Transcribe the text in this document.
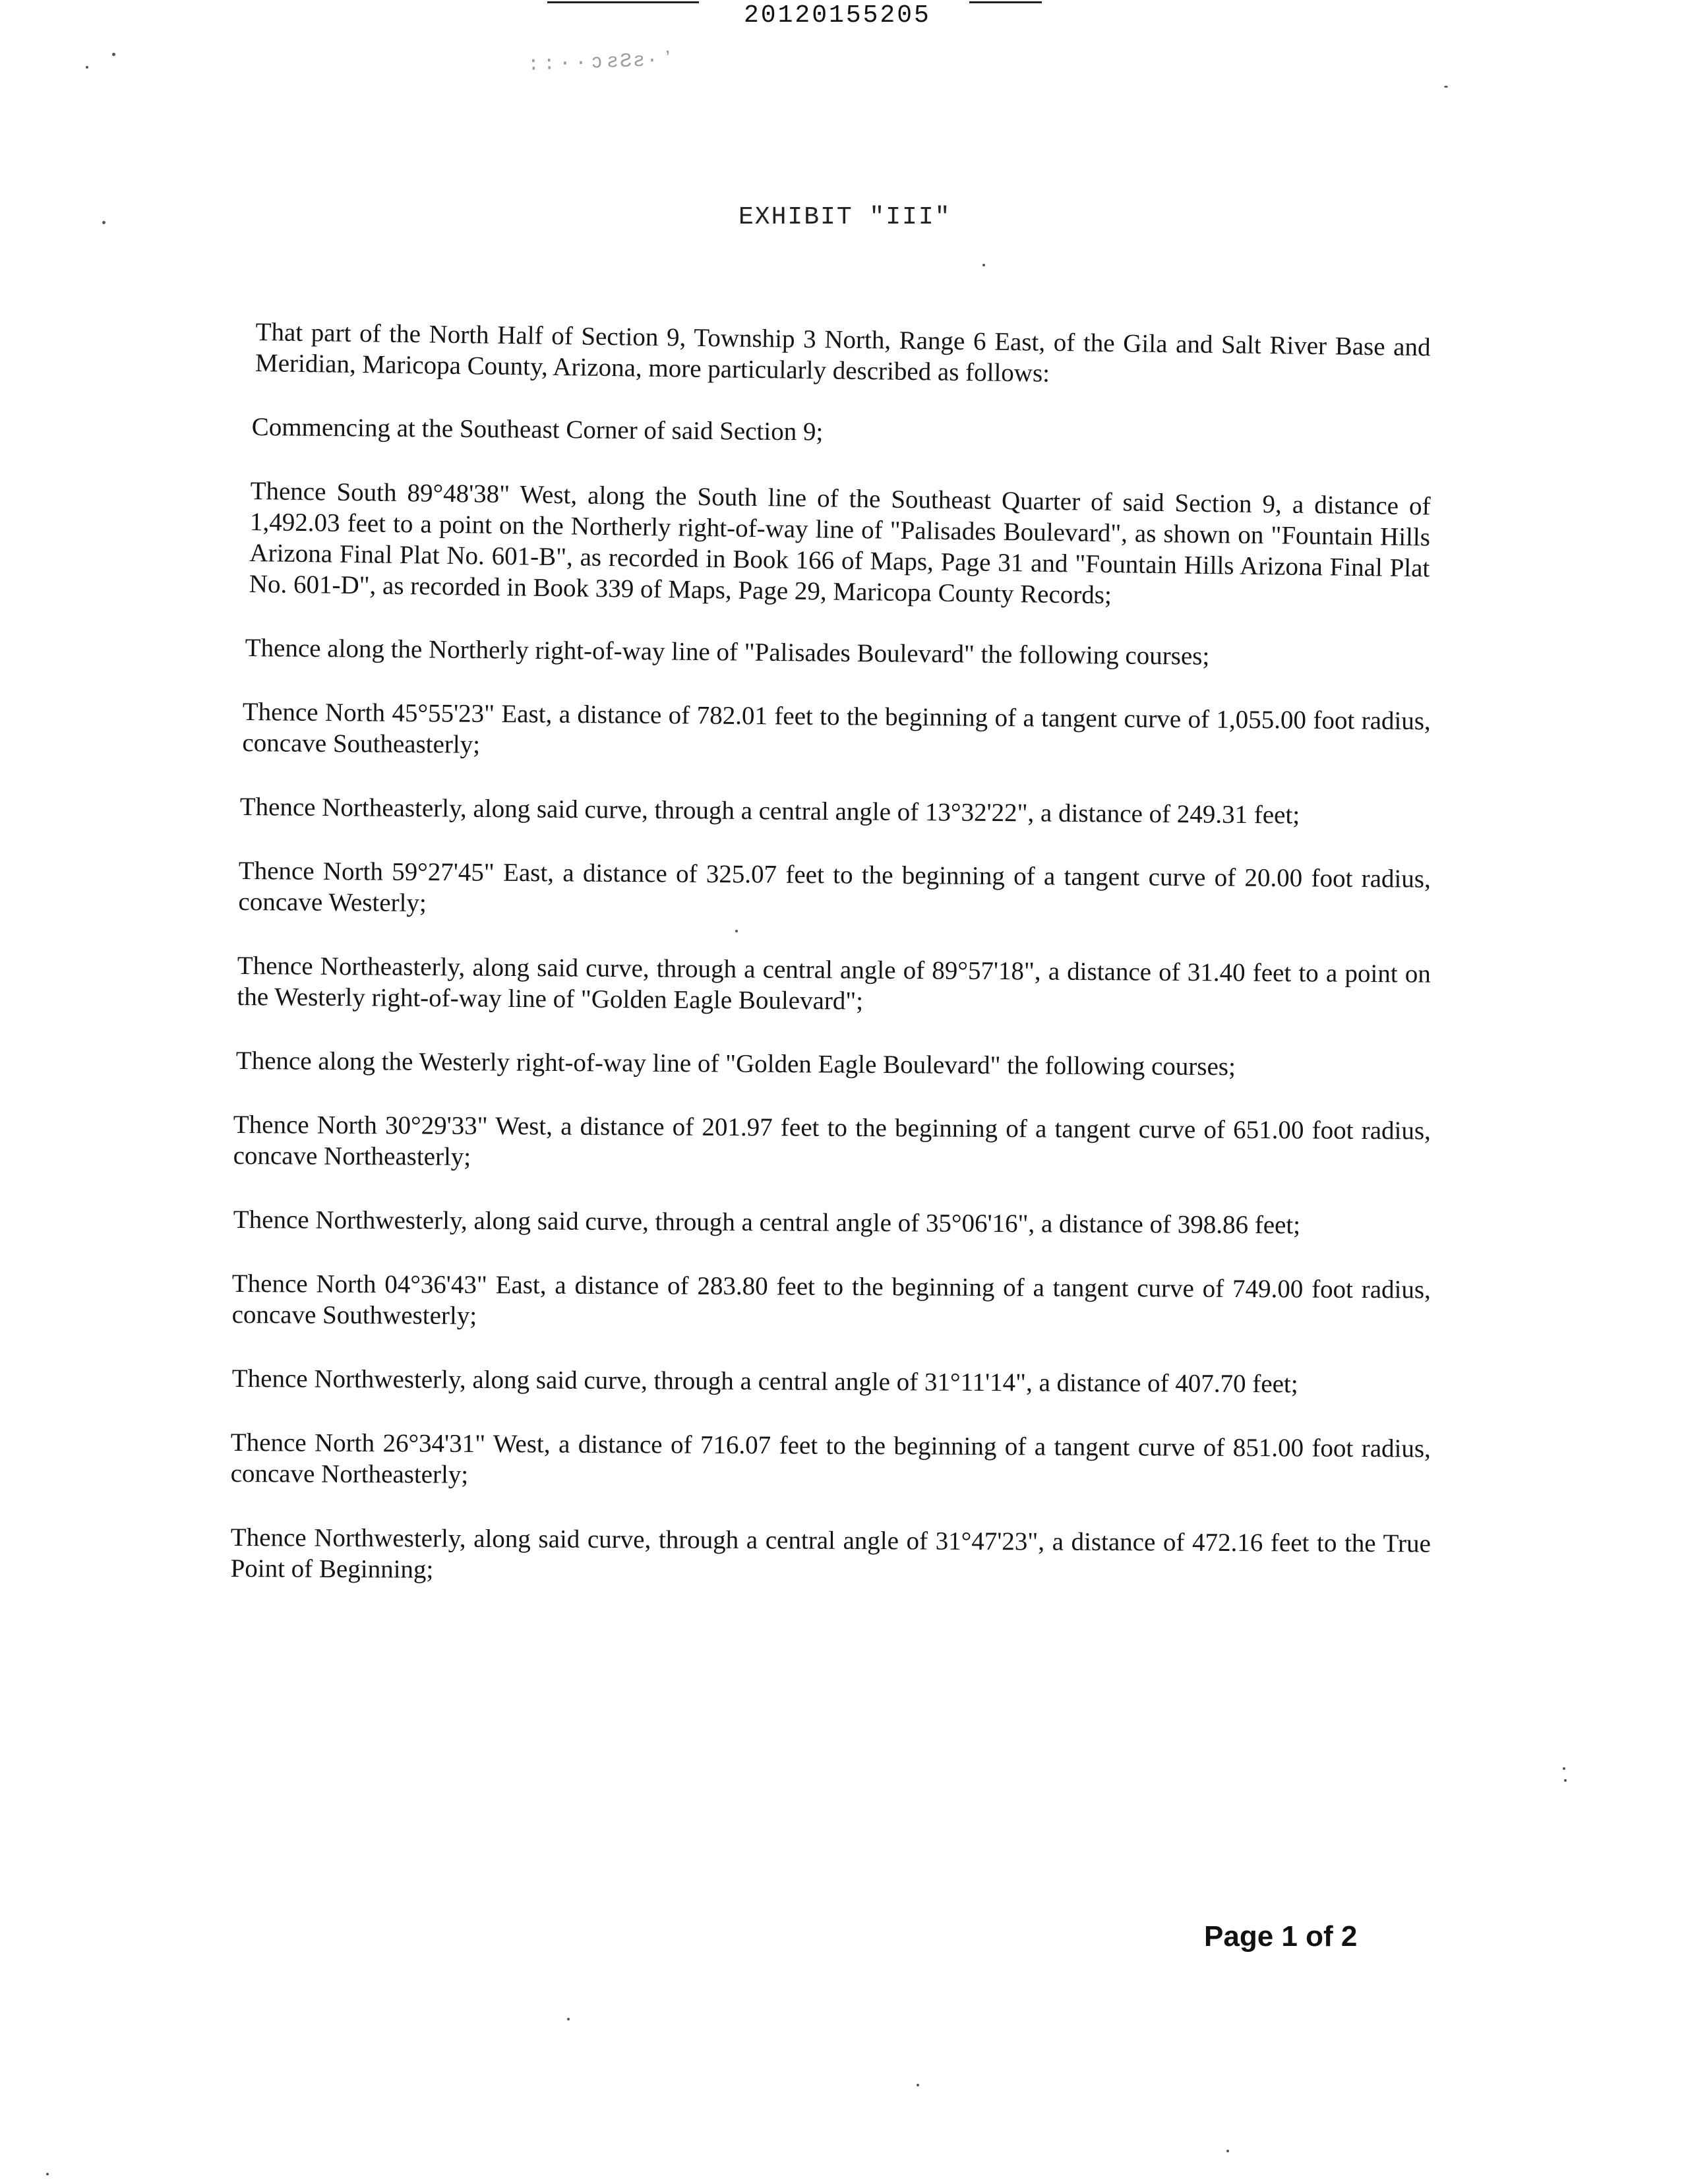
20120155205
::··ↄƨƧƨ·ʼ
EXHIBIT "III"

That part of the North Half of Section 9, Township 3 North, Range 6 East, of the Gila and Salt River Base and Meridian, Maricopa County, Arizona, more particularly described as follows:

Commencing at the Southeast Corner of said Section 9;

Thence South 89°48'38" West, along the South line of the Southeast Quarter of said Section 9, a distance of 1,492.03 feet to a point on the Northerly right-of-way line of "Palisades Boulevard", as shown on "Fountain Hills Arizona Final Plat No. 601-B", as recorded in Book 166 of Maps, Page 31 and "Fountain Hills Arizona Final Plat No. 601-D", as recorded in Book 339 of Maps, Page 29, Maricopa County Records;

Thence along the Northerly right-of-way line of "Palisades Boulevard" the following courses;

Thence North 45°55'23" East, a distance of 782.01 feet to the beginning of a tangent curve of 1,055.00 foot radius, concave Southeasterly;

Thence Northeasterly, along said curve, through a central angle of 13°32'22", a distance of 249.31 feet;

Thence North 59°27'45" East, a distance of 325.07 feet to the beginning of a tangent curve of 20.00 foot radius, concave Westerly;

Thence Northeasterly, along said curve, through a central angle of 89°57'18", a distance of 31.40 feet to a point on the Westerly right-of-way line of "Golden Eagle Boulevard";

Thence along the Westerly right-of-way line of "Golden Eagle Boulevard" the following courses;

Thence North 30°29'33" West, a distance of 201.97 feet to the beginning of a tangent curve of 651.00 foot radius, concave Northeasterly;

Thence Northwesterly, along said curve, through a central angle of 35°06'16", a distance of 398.86 feet;

Thence North 04°36'43" East, a distance of 283.80 feet to the beginning of a tangent curve of 749.00 foot radius, concave Southwesterly;

Thence Northwesterly, along said curve, through a central angle of 31°11'14", a distance of 407.70 feet;

Thence North 26°34'31" West, a distance of 716.07 feet to the beginning of a tangent curve of 851.00 foot radius, concave Northeasterly;

Thence Northwesterly, along said curve, through a central angle of 31°47'23", a distance of 472.16 feet to the True Point of Beginning;

Page 1 of 2
